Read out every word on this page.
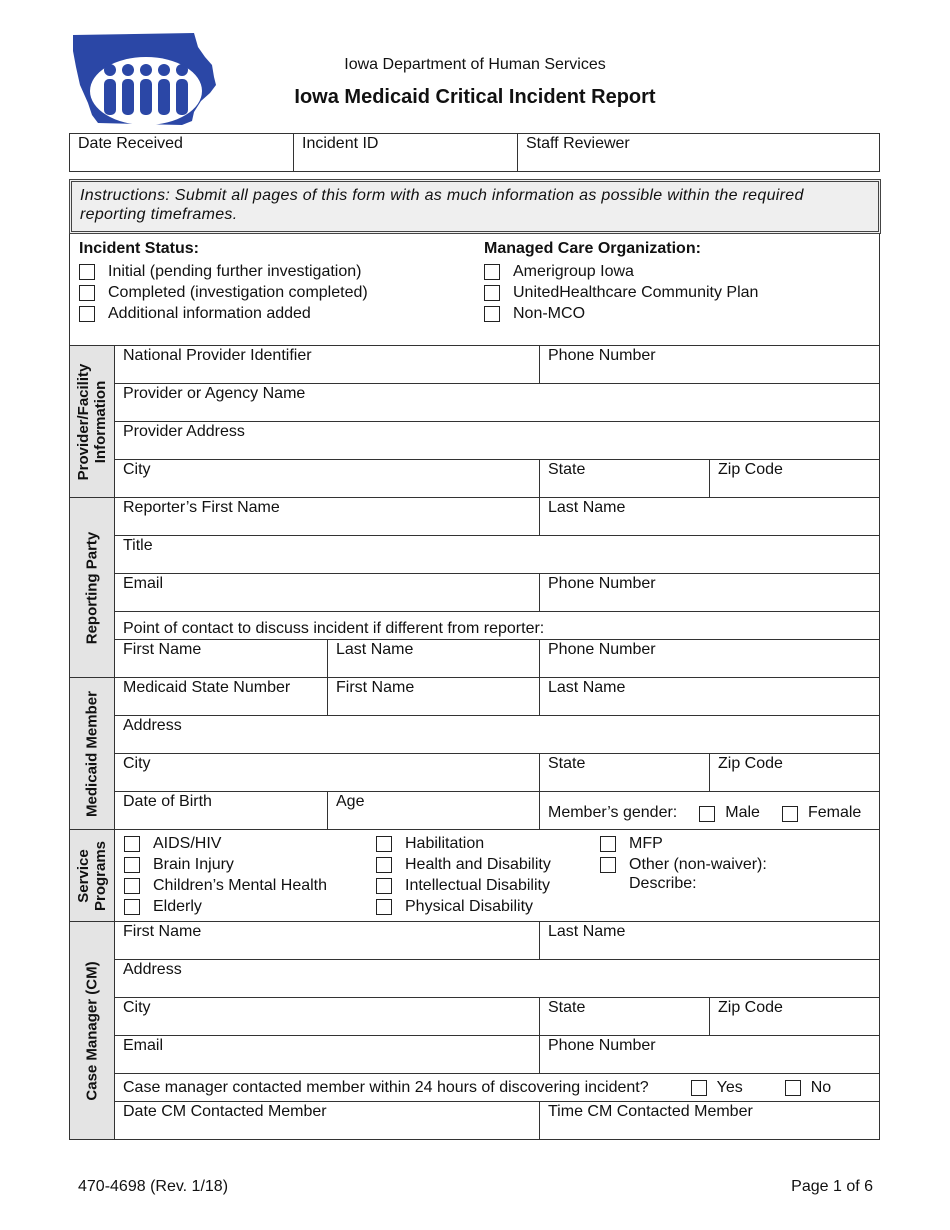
Iowa Department of Human Services
Iowa Medicaid Critical Incident Report
Date Received	Incident ID	Staff Reviewer
Instructions: Submit all pages of this form with as much information as possible within the required reporting timeframes.
Incident Status:
Initial (pending further investigation)
Completed (investigation completed)
Additional information added
Managed Care Organization:
Amerigroup Iowa
UnitedHealthcare Community Plan
Non-MCO
Provider/Facility
Information
National Provider Identifier	Phone Number
Provider or Agency Name
Provider Address
City	State	Zip Code
Reporting Party
Reporter’s First Name	Last Name
Title
Email	Phone Number
Point of contact to discuss incident if different from reporter:
First Name	Last Name	Phone Number
Medicaid Member
Medicaid State Number	First Name	Last Name
Address
City	State	Zip Code
Date of Birth	Age
Member’s gender:	Male	Female
Service
Programs	AIDS/HIV
Brain Injury
Children’s Mental Health
Elderly
Habilitation
Health and Disability
Intellectual Disability
Physical Disability
MFP
Other (non-waiver):
Describe:
Case Manager (CM)
First Name	Last Name
Address
City	State	Zip Code
Email	Phone Number
Case manager contacted member within 24 hours of discovering incident?	Yes	No
Date CM Contacted Member	Time CM Contacted Member
470-4698 (Rev. 1/18)	Page 1 of 6
